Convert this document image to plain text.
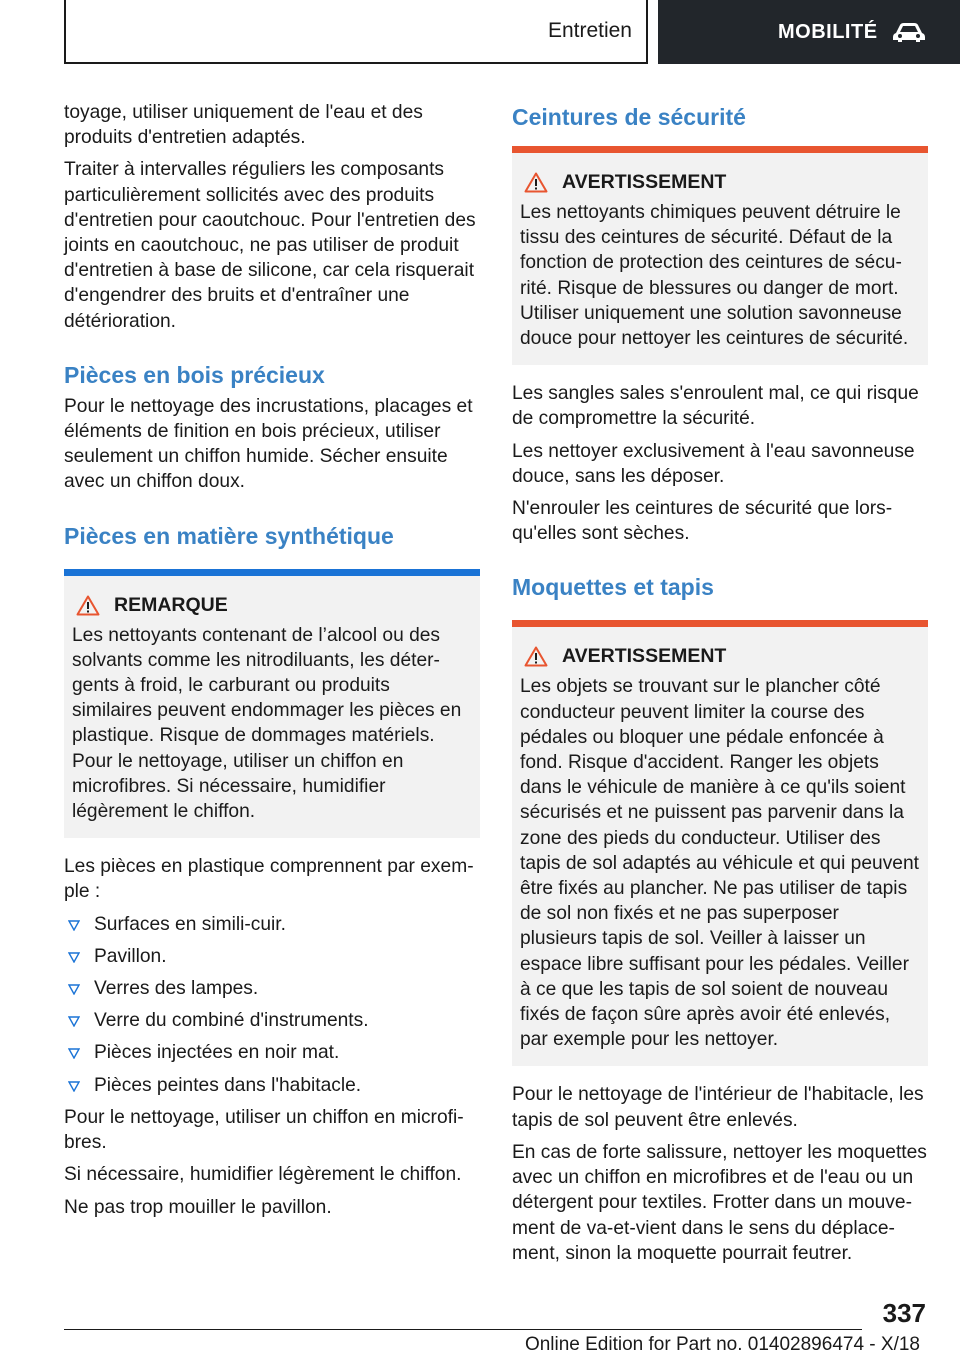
Entretien	MOBILITÉ

toyage, utiliser uniquement de l'eau et des produits d'entretien adaptés.

Traiter à intervalles réguliers les composants particulièrement sollicités avec des produits d'entretien pour caoutchouc. Pour l'entretien des joints en caoutchouc, ne pas utiliser de produit d'entretien à base de silicone, car cela risquerait d'engendrer des bruits et d'entraîner une détérioration.

Pièces en bois précieux

Pour le nettoyage des incrustations, placages et éléments de finition en bois précieux, utiliser seulement un chiffon humide. Sécher ensuite avec un chiffon doux.

Pièces en matière synthétique
REMARQUE

Les nettoyants contenant de l’alcool ou des solvants comme les nitrodiluants, les détergents à froid, le carburant ou produits similaires peuvent endommager les pièces en plastique. Risque de dommages matériels. Pour le nettoyage, utiliser un chiffon en microfibres. Si nécessaire, humidifier légèrement le chiffon.

Les pièces en plastique comprennent par exemple :

Surfaces en simili-cuir.
Pavillon.
Verres des lampes.
Verre du combiné d'instruments.
Pièces injectées en noir mat.
Pièces peintes dans l'habitacle.

Pour le nettoyage, utiliser un chiffon en microfibres.

Si nécessaire, humidifier légèrement le chiffon.

Ne pas trop mouiller le pavillon.

Ceintures de sécurité
AVERTISSEMENT

Les nettoyants chimiques peuvent détruire le tissu des ceintures de sécurité. Défaut de la fonction de protection des ceintures de sécurité. Risque de blessures ou danger de mort. Utiliser uniquement une solution savonneuse douce pour nettoyer les ceintures de sécurité.

Les sangles sales s'enroulent mal, ce qui risque de compromettre la sécurité.

Les nettoyer exclusivement à l'eau savonneuse douce, sans les déposer.

N'enrouler les ceintures de sécurité que lorsqu'elles sont sèches.

Moquettes et tapis
AVERTISSEMENT

Les objets se trouvant sur le plancher côté conducteur peuvent limiter la course des pédales ou bloquer une pédale enfoncée à fond. Risque d'accident. Ranger les objets dans le véhicule de manière à ce qu'ils soient sécurisés et ne puissent pas parvenir dans la zone des pieds du conducteur. Utiliser des tapis de sol adaptés au véhicule et qui peuvent être fixés au plancher. Ne pas utiliser de tapis de sol non fixés et ne pas superposer plusieurs tapis de sol. Veiller à laisser un espace libre suffisant pour les pédales. Veiller à ce que les tapis de sol soient de nouveau fixés de façon sûre après avoir été enlevés, par exemple pour les nettoyer.

Pour le nettoyage de l'intérieur de l'habitacle, les tapis de sol peuvent être enlevés.

En cas de forte salissure, nettoyer les moquettes avec un chiffon en microfibres et de l'eau ou un détergent pour textiles. Frotter dans un mouvement de va-et-vient dans le sens du déplacement, sinon la moquette pourrait feutrer.

337
Online Edition for Part no. 01402896474 - X/18
